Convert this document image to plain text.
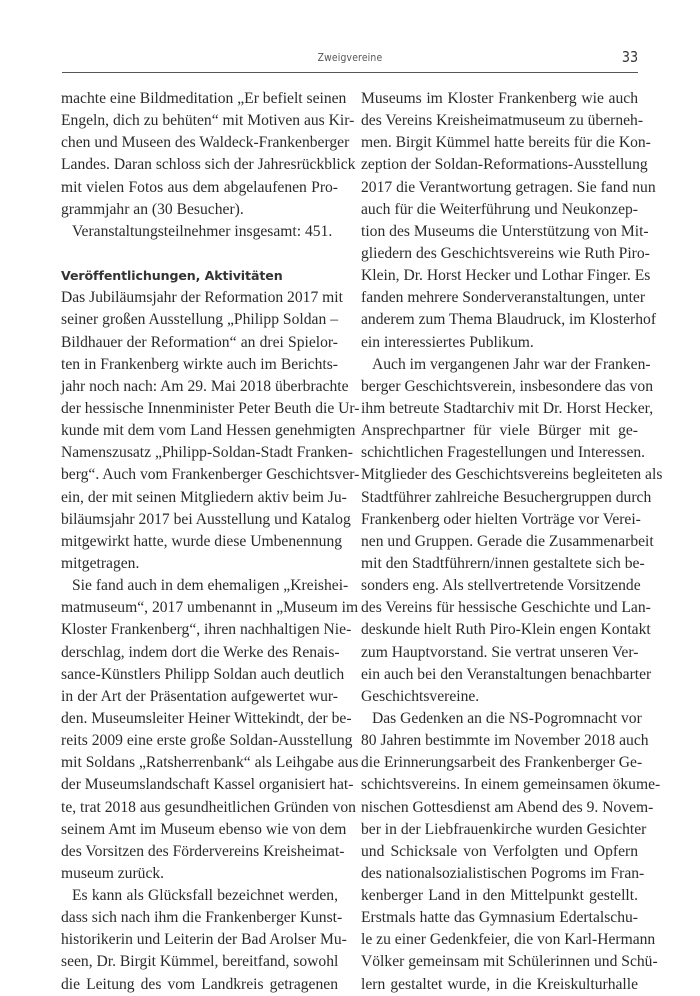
Zweigvereine	33
machte eine Bildmeditation „Er befielt seinen
Engeln, dich zu behüten“ mit Motiven aus Kir-
chen und Museen des Waldeck-Frankenberger
Landes. Daran schloss sich der Jahresrückblick
mit vielen Fotos aus dem abgelaufenen Pro-
grammjahr an (30 Besucher).
Veranstaltungsteilnehmer insgesamt: 451.
Veröffentlichungen, Aktivitäten
Das Jubiläumsjahr der Reformation 2017 mit
seiner großen Ausstellung „Philipp Soldan –
Bildhauer der Reformation“ an drei Spielor-
ten in Frankenberg wirkte auch im Berichts-
jahr noch nach: Am 29. Mai 2018 überbrachte
der hessische Innenminister Peter Beuth die Ur-
kunde mit dem vom Land Hessen genehmigten
Namenszusatz „Philipp-Soldan-Stadt Franken-
berg“. Auch vom Frankenberger Geschichtsver-
ein, der mit seinen Mitgliedern aktiv beim Ju-
biläumsjahr 2017 bei Ausstellung und Katalog
mitgewirkt hatte, wurde diese Umbenennung
mitgetragen.
Sie fand auch in dem ehemaligen „Kreishei-
matmuseum“, 2017 umbenannt in „Museum im
Kloster Frankenberg“, ihren nachhaltigen Nie-
derschlag, indem dort die Werke des Renais-
sance-Künstlers Philipp Soldan auch deutlich
in der Art der Präsentation aufgewertet wur-
den. Museumsleiter Heiner Wittekindt, der be-
reits 2009 eine erste große Soldan-Ausstellung
mit Soldans „Ratsherrenbank“ als Leihgabe aus
der Museumslandschaft Kassel organisiert hat-
te, trat 2018 aus gesundheitlichen Gründen von
seinem Amt im Museum ebenso wie von dem
des Vorsitzen des Fördervereins Kreisheimat-
museum zurück.
Es kann als Glücksfall bezeichnet werden,
dass sich nach ihm die Frankenberger Kunst-
historikerin und Leiterin der Bad Arolser Mu-
seen, Dr. Birgit Kümmel, bereitfand, sowohl
die Leitung des vom Landkreis getragenen
Museums im Kloster Frankenberg wie auch
des Vereins Kreisheimatmuseum zu überneh-
men. Birgit Kümmel hatte bereits für die Kon-
zeption der Soldan-Reformations-Ausstellung
2017 die Verantwortung getragen. Sie fand nun
auch für die Weiterführung und Neukonzep-
tion des Museums die Unterstützung von Mit-
gliedern des Geschichtsvereins wie Ruth Piro-
Klein, Dr. Horst Hecker und Lothar Finger. Es
fanden mehrere Sonderveranstaltungen, unter
anderem zum Thema Blaudruck, im Klosterhof
ein interessiertes Publikum.
Auch im vergangenen Jahr war der Franken-
berger Geschichtsverein, insbesondere das von
ihm betreute Stadtarchiv mit Dr. Horst Hecker,
Ansprechpartner für viele Bürger mit ge-
schichtlichen Fragestellungen und Interessen.
Mitglieder des Geschichtsvereins begleiteten als
Stadtführer zahlreiche Besuchergruppen durch
Frankenberg oder hielten Vorträge vor Verei-
nen und Gruppen. Gerade die Zusammenarbeit
mit den Stadtführern/innen gestaltete sich be-
sonders eng. Als stellvertretende Vorsitzende
des Vereins für hessische Geschichte und Lan-
deskunde hielt Ruth Piro-Klein engen Kontakt
zum Hauptvorstand. Sie vertrat unseren Ver-
ein auch bei den Veranstaltungen benachbarter
Geschichtsvereine.
Das Gedenken an die NS-Pogromnacht vor
80 Jahren bestimmte im November 2018 auch
die Erinnerungsarbeit des Frankenberger Ge-
schichtsvereins. In einem gemeinsamen ökume-
nischen Gottesdienst am Abend des 9. Novem-
ber in der Liebfrauenkirche wurden Gesichter
und Schicksale von Verfolgten und Opfern
des nationalsozialistischen Pogroms im Fran-
kenberger Land in den Mittelpunkt gestellt.
Erstmals hatte das Gymnasium Edertalschu-
le zu einer Gedenkfeier, die von Karl-Hermann
Völker gemeinsam mit Schülerinnen und Schü-
lern gestaltet wurde, in die Kreiskulturhalle
